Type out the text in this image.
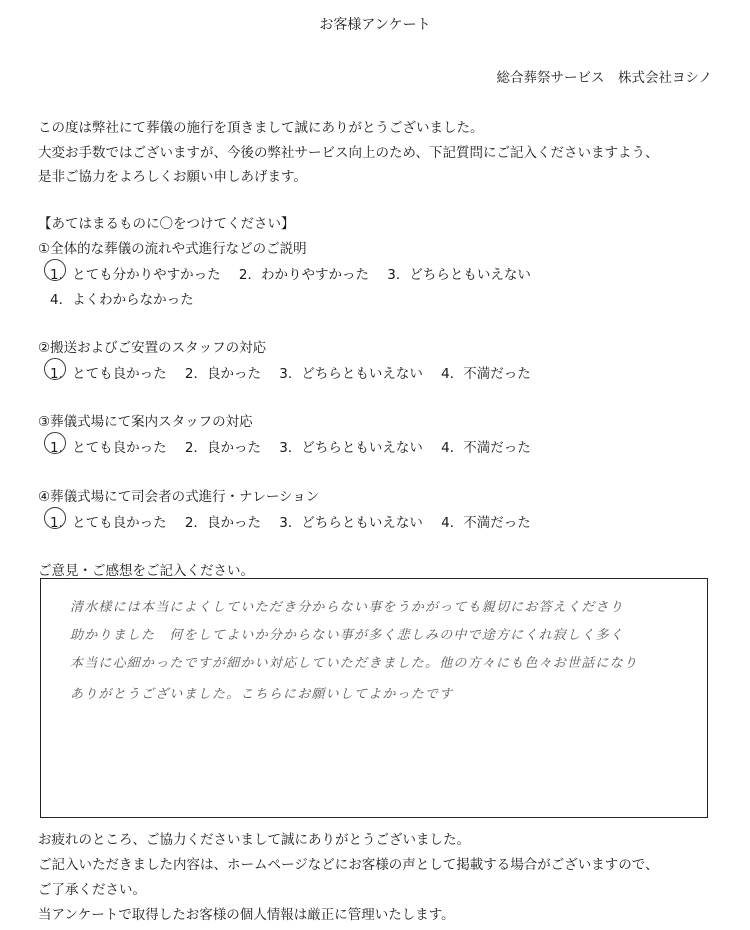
お客様アンケート
総合葬祭サービス　株式会社ヨシノ
この度は弊社にて葬儀の施行を頂きまして誠にありがとうございました。
大変お手数ではございますが、今後の弊社サービス向上のため、下記質問にご記入くださいますよう、
是非ご協力をよろしくお願い申しあげます。
【あてはまるものに〇をつけてください】
①全体的な葬儀の流れや式進行などのご説明
1．とても分かりやすかった 2．わかりやすかった 3．どちらともいえない
4．よくわからなかった
②搬送およびご安置のスタッフの対応
1．とても良かった 2．良かった 3．どちらともいえない 4．不満だった
③葬儀式場にて案内スタッフの対応
1．とても良かった 2．良かった 3．どちらともいえない 4．不満だった
④葬儀式場にて司会者の式進行・ナレーション
1．とても良かった 2．良かった 3．どちらともいえない 4．不満だった
ご意見・ご感想をご記入ください。
清水様には本当によくしていただき分からない事をうかがっても親切にお答えくださり
助かりました　何をしてよいか分からない事が多く悲しみの中で途方にくれ寂しく多く
本当に心細かったですが細かい対応していただきました。他の方々にも色々お世話になり
ありがとうございました。こちらにお願いしてよかったです
お疲れのところ、ご協力くださいまして誠にありがとうございました。
ご記入いただきました内容は、ホームページなどにお客様の声として掲載する場合がございますので、
ご了承ください。
当アンケートで取得したお客様の個人情報は厳正に管理いたします。
